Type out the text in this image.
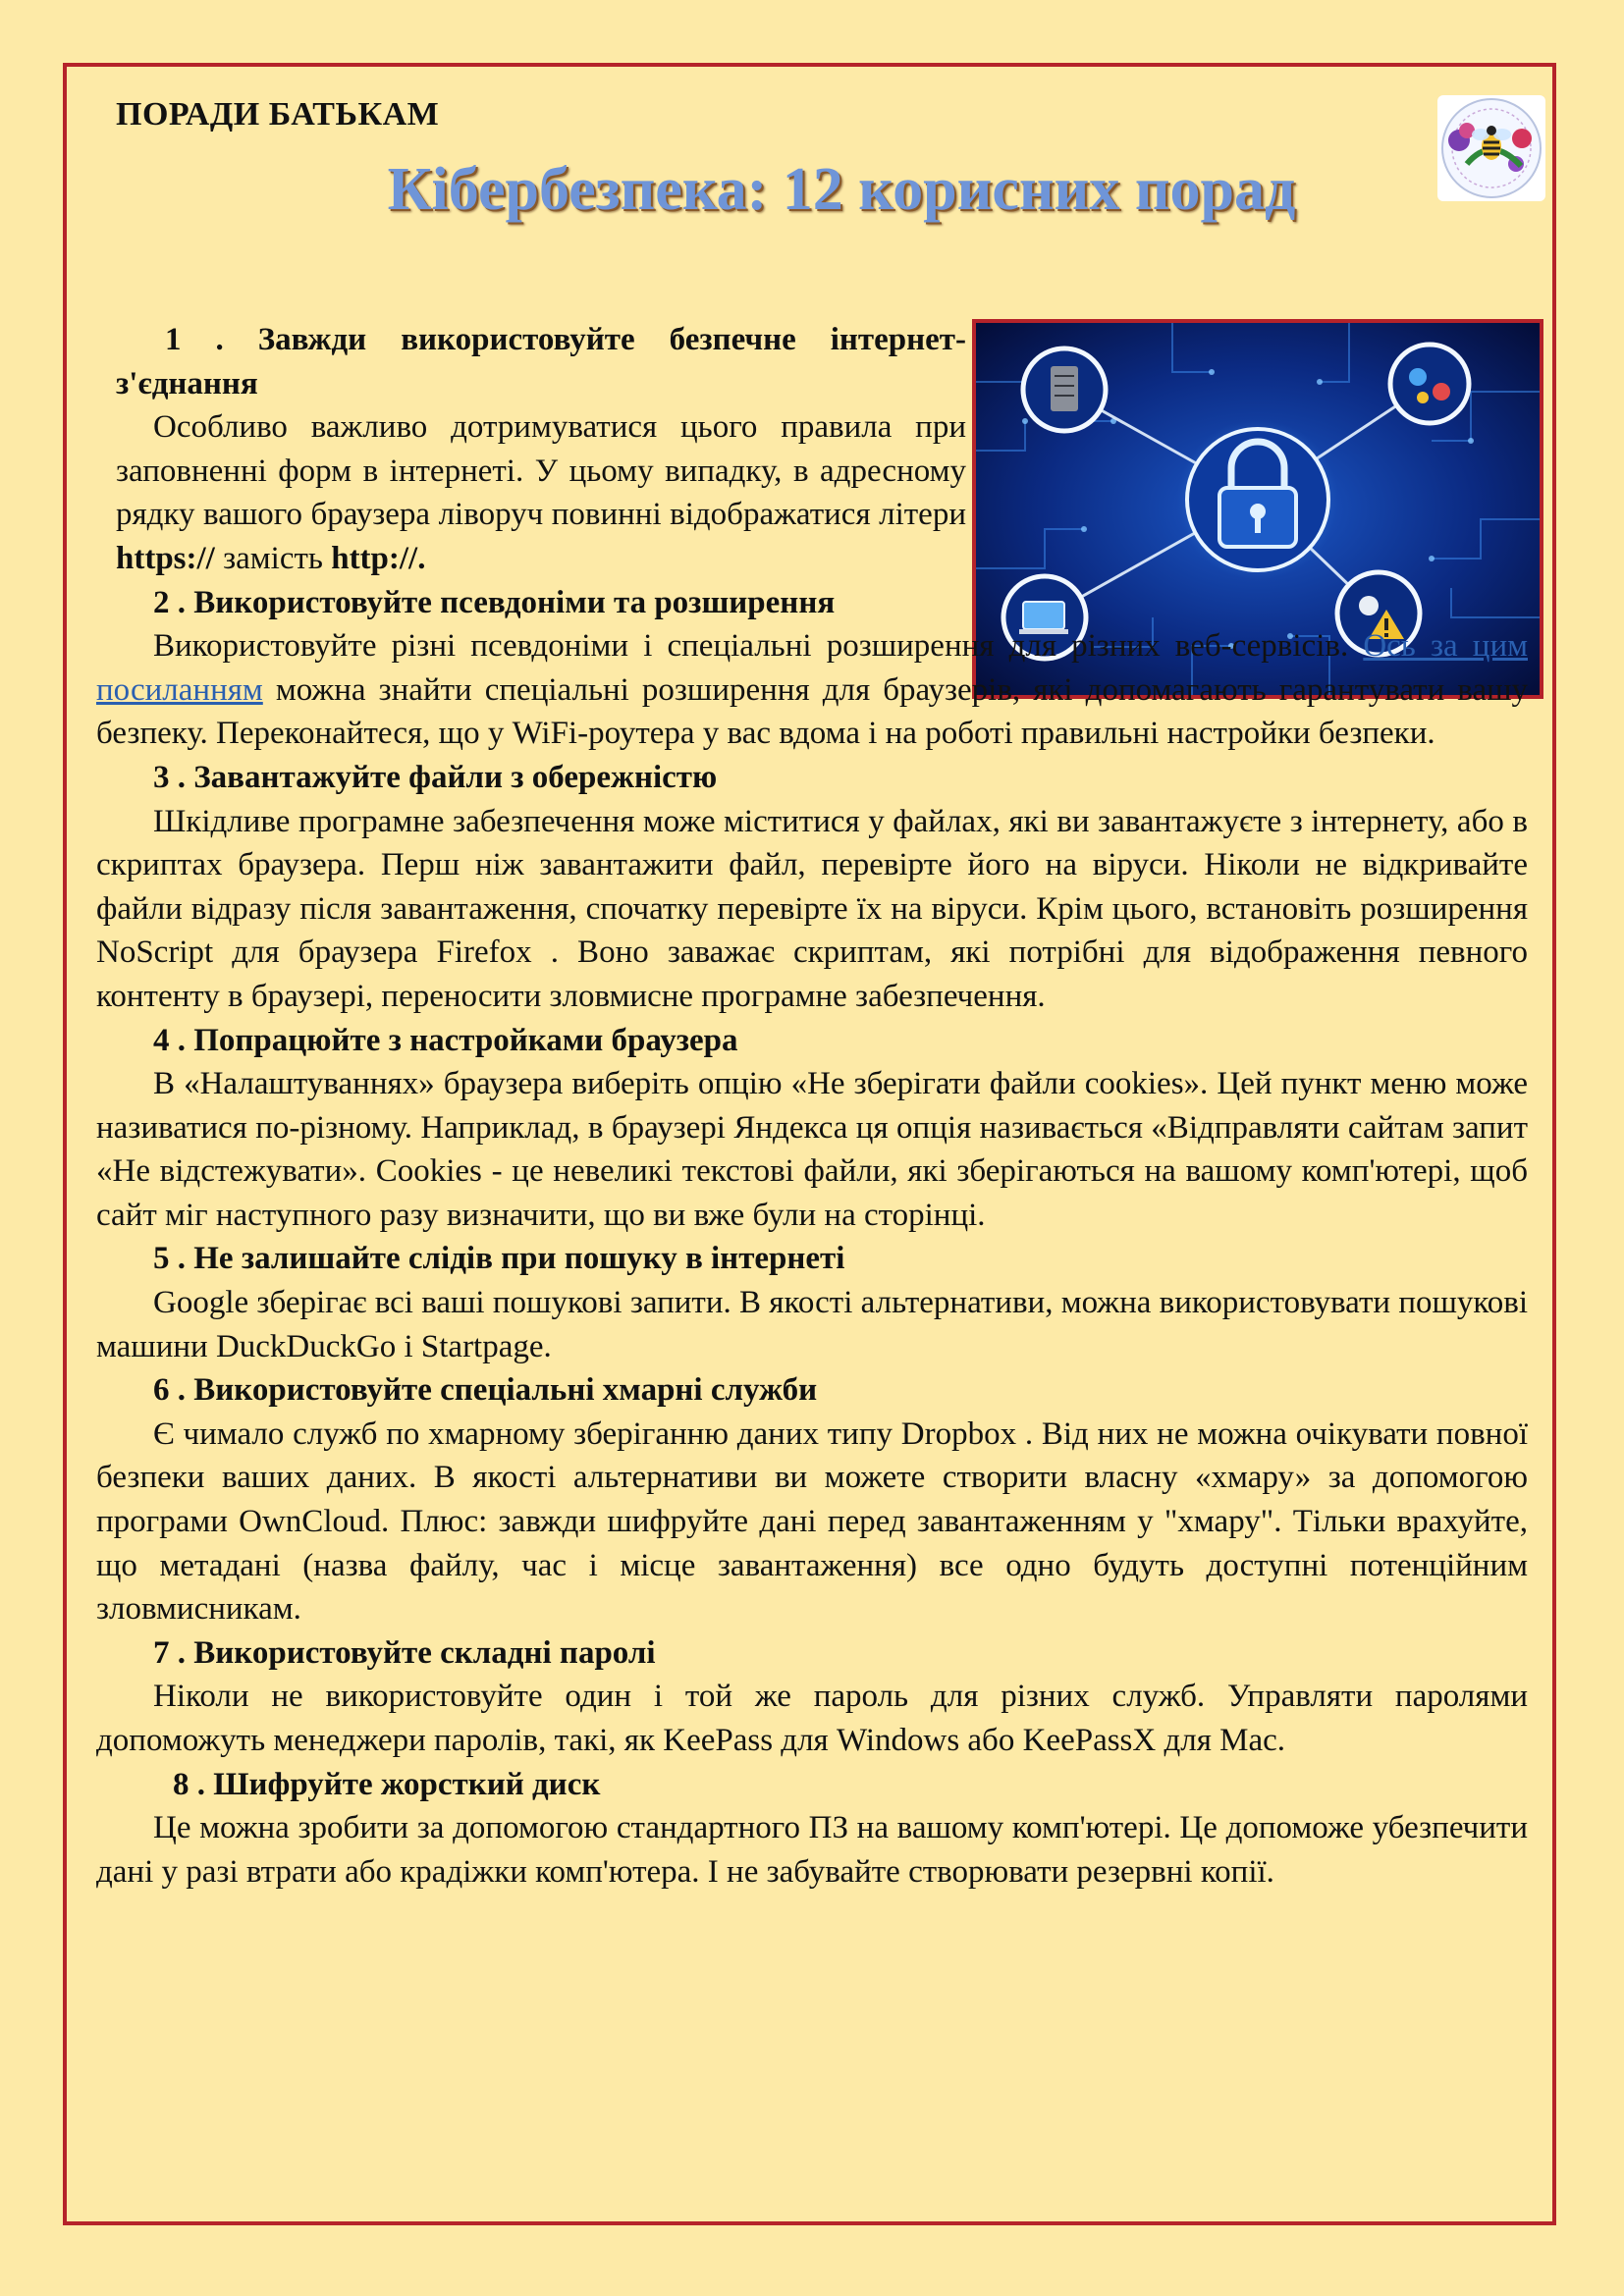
ПОРАДИ БАТЬКАМ
Кібербезпека: 12 корисних порад

1 . Завжди використовуйте безпечне інтернет-з'єднання

Особливо важливо дотримуватися цього правила при заповненні форм в інтернеті. У цьому випадку, в адресному рядку вашого браузера ліворуч повинні відображатися літери https:// замість http://.

2 . Використовуйте псевдоніми та розширення

Використовуйте різні псевдоніми і спеціальні розширення для різних веб-сервісів. Ось за цим посиланням можна знайти спеціальні розширення для браузерів, які допомагають гарантувати вашу безпеку. Переконайтеся, що у WiFi-роутера у вас вдома і на роботі правильні настройки безпеки.

3 . Завантажуйте файли з обережністю

Шкідливе програмне забезпечення може міститися у файлах, які ви завантажуєте з інтернету, або в скриптах браузера. Перш ніж завантажити файл, перевірте його на віруси. Ніколи не відкривайте файли відразу після завантаження, спочатку перевірте їх на віруси. Крім цього, встановіть розширення NoScript для браузера Firefox . Воно заважає скриптам, які потрібні для відображення певного контенту в браузері, переносити зловмисне програмне забезпечення.

4 . Попрацюйте з настройками браузера

В «Налаштуваннях» браузера виберіть опцію «Не зберігати файли cookies». Цей пункт меню може називатися по-різному. Наприклад, в браузері Яндекса ця опція називається «Відправляти сайтам запит «Не відстежувати». Cookies - це невеликі текстові файли, які зберігаються на вашому комп'ютері, щоб сайт міг наступного разу визначити, що ви вже були на сторінці.

5 . Не залишайте слідів при пошуку в інтернеті

Google зберігає всі ваші пошукові запити. В якості альтернативи, можна використовувати пошукові машини DuckDuckGo і Startpage.

6 . Використовуйте спеціальні хмарні служби

Є чимало служб по хмарному зберіганню даних типу Dropbox . Від них не можна очікувати повної безпеки ваших даних. В якості альтернативи ви можете створити власну «хмару» за допомогою програми OwnCloud. Плюс: завжди шифруйте дані перед завантаженням у "хмару". Тільки врахуйте, що метадані (назва файлу, час і місце завантаження) все одно будуть доступні потенційним зловмисникам.

7 . Використовуйте складні паролі

Ніколи не використовуйте один і той же пароль для різних служб. Управляти паролями допоможуть менеджери паролів, такі, як KeePass для Windows або KeePassX для Mac.

8 . Шифруйте жорсткий диск

Це можна зробити за допомогою стандартного ПЗ на вашому комп'ютері. Це допоможе убезпечити дані у разі втрати або крадіжки комп'ютера. І не забувайте створювати резервні копії.
